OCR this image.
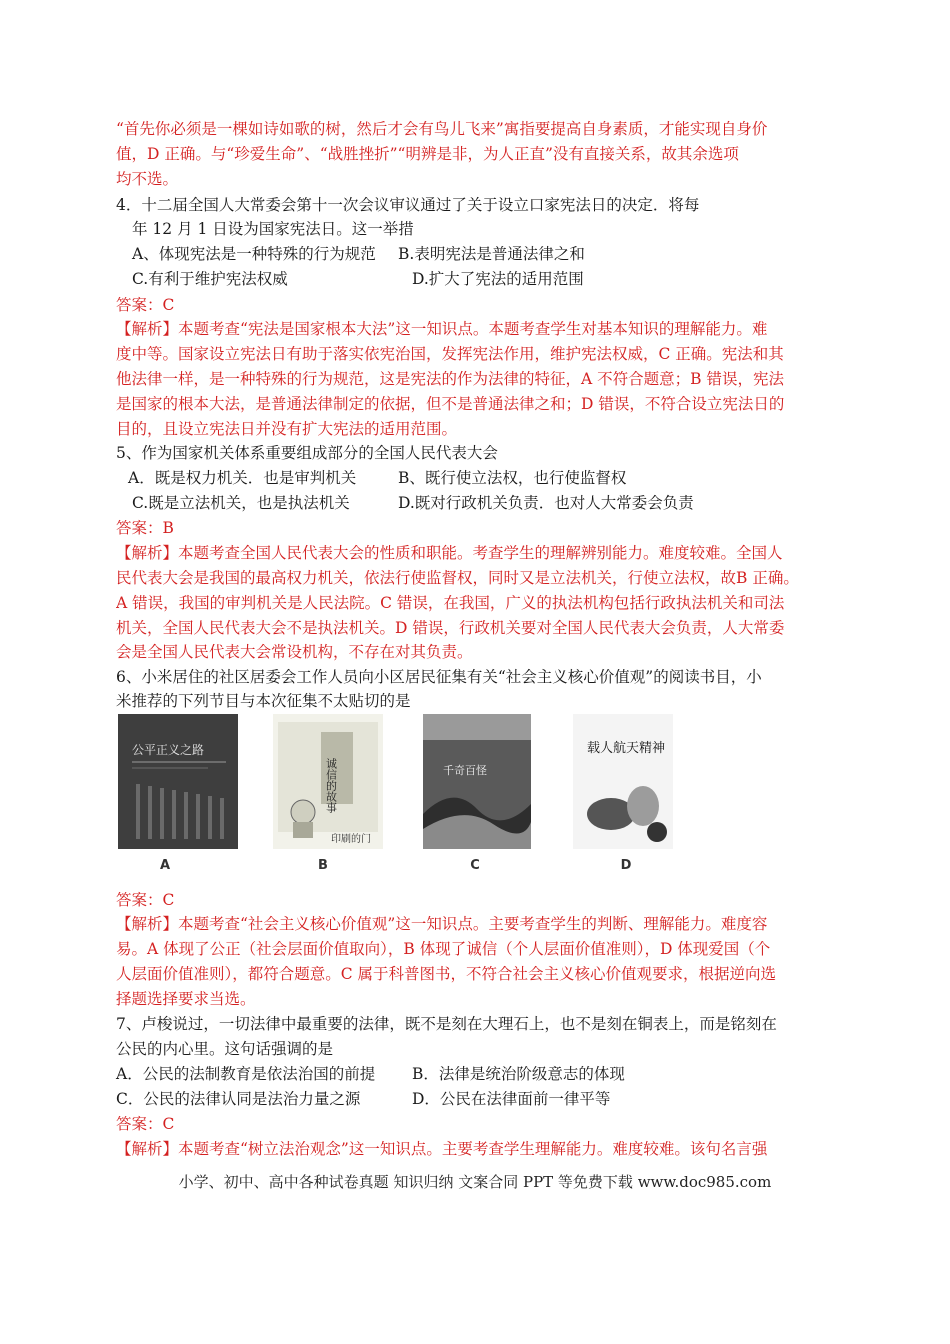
“首先你必须是一棵如诗如歌的树，然后才会有鸟儿飞来”寓指要提高自身素质，才能实现自身价
值，D 正确。与“珍爱生命”、“战胜挫折”“明辨是非，为人正直”没有直接关系，故其余选项
均不选。
4．十二届全国人大常委会第十一次会议审议通过了关于设立口家宪法日的决定．将每
年 12 月 1 日设为国家宪法日。这一举措
A、体现宪法是一种特殊的行为规范 B.表明宪法是普通法律之和
C.有利于维护宪法权威	D.扩大了宪法的适用范围
答案：C
【解析】本题考查“宪法是国家根本大法”这一知识点。本题考查学生对基本知识的理解能力。难
度中等。国家设立宪法日有助于落实依宪治国，发挥宪法作用，维护宪法权威，C 正确。宪法和其
他法律一样，是一种特殊的行为规范，这是宪法的作为法律的特征，A 不符合题意；B 错误，宪法
是国家的根本大法，是普通法律制定的依据，但不是普通法律之和；D 错误，不符合设立宪法日的
目的，且设立宪法日并没有扩大宪法的适用范围。
5、作为国家机关体系重要组成部分的全国人民代表大会
A．既是权力机关．也是审判机关	B、既行使立法权，也行使监督权
C.既是立法机关，也是执法机关	D.既对行政机关负责．也对人大常委会负责
答案：B
【解析】本题考查全国人民代表大会的性质和职能。考查学生的理解辨别能力。难度较难。全国人
民代表大会是我国的最高权力机关，依法行使监督权，同时又是立法机关，行使立法权，故B 正确。
A 错误，我国的审判机关是人民法院。C 错误，在我国，广义的执法机构包括行政执法机关和司法
机关，全国人民代表大会不是执法机关。D 错误，行政机关要对全国人民代表大会负责，人大常委
会是全国人民代表大会常设机构，不存在对其负责。
6、小米居住的社区居委会工作人员向小区居民征集有关“社会主义核心价值观”的阅读书目，小
米推荐的下列节目与本次征集不太贴切的是
公平正义之路
诚信的故事
印刷的门
千奇百怪
载人航天精神
A	B	C	D
答案：C
【解析】本题考查“社会主义核心价值观”这一知识点。主要考查学生的判断、理解能力。难度容
易。A 体现了公正（社会层面价值取向），B 体现了诚信（个人层面价值准则），D 体现爱国（个
人层面价值准则），都符合题意。C 属于科普图书，不符合社会主义核心价值观要求，根据逆向选
择题选择要求当选。
7、卢梭说过，一切法律中最重要的法律，既不是刻在大理石上，也不是刻在铜表上，而是铭刻在
公民的内心里。这句话强调的是
A．公民的法制教育是依法治国的前提 B．法律是统治阶级意志的体现
C．公民的法律认同是法治力量之源	D．公民在法律面前一律平等
答案：C
【解析】本题考查“树立法治观念”这一知识点。主要考查学生理解能力。难度较难。该句名言强
小学、初中、高中各种试卷真题 知识归纳 文案合同 PPT 等免费下载 www.doc985.com
